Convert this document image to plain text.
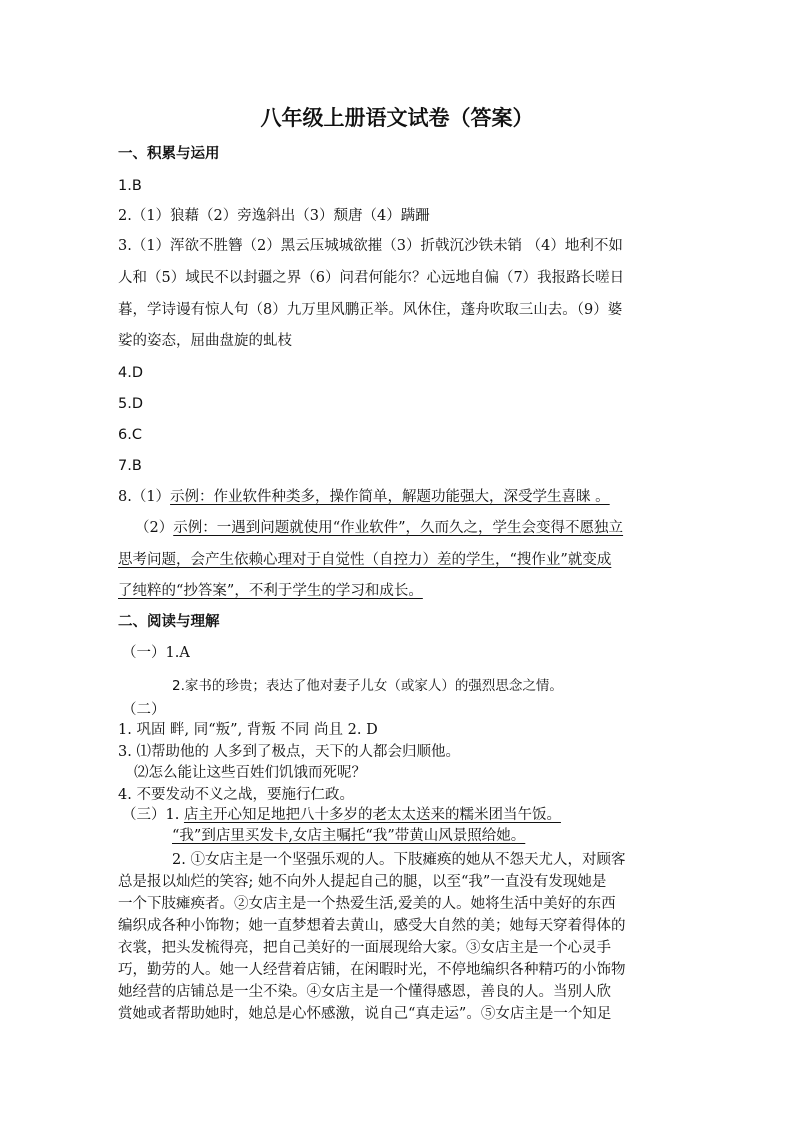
八年级上册语文试卷（答案）
一、积累与运用
1.B
2.（1）狼藉（2）旁逸斜出（3）颓唐（4）蹒跚
3.（1）浑欲不胜簪（2）黑云压城城欲摧（3）折戟沉沙铁未销 （4）地利不如
人和（5）域民不以封疆之界（6）问君何能尔？心远地自偏（7）我报路长嗟日
暮，学诗谩有惊人句（8）九万里风鹏正举。风休住，蓬舟吹取三山去。（9）婆
娑的姿态，屈曲盘旋的虬枝
4.D
5.D
6.C
7.B
8.（1）示例：作业软件种类多，操作简单，解题功能强大，深受学生喜睐 。
（2）示例：一遇到问题就使用“作业软件”，久而久之，学生会变得不愿独立
思考问题，会产生依赖心理对于自觉性（自控力）差的学生，“搜作业”就变成
了纯粹的“抄答案”，不利于学生的学习和成长。
二、阅读与理解
（一）1.A
2.家书的珍贵；表达了他对妻子儿女（或家人）的强烈思念之情。
（二）
1. 巩固 畔, 同“叛”, 背叛 不同 尚且 2. D
3. ⑴帮助他的 人多到了极点，天下的人都会归顺他。
⑵怎么能让这些百姓们饥饿而死呢？
4. 不要发动不义之战，要施行仁政。
（三）1. 店主开心知足地把八十多岁的老太太送来的糯米团当午饭。
“我”到店里买发卡,女店主嘱托“我”带黄山风景照给她。
2. ①女店主是一个坚强乐观的人。下肢瘫痪的她从不怨天尤人，对顾客
总是报以灿烂的笑容; 她不向外人提起自己的腿，以至“我”一直没有发现她是
一个下肢瘫痪者。②女店主是一个热爱生活,爱美的人。她将生活中美好的东西
编织成各种小饰物；她一直梦想着去黄山，感受大自然的美；她每天穿着得体的
衣裳，把头发梳得亮，把自己美好的一面展现给大家。③女店主是一个心灵手
巧，勤劳的人。她一人经营着店铺，在闲暇时光，不停地编织各种精巧的小饰物
她经营的店铺总是一尘不染。④女店主是一个懂得感恩，善良的人。当别人欣
赏她或者帮助她时，她总是心怀感激，说自己“真走运”。⑤女店主是一个知足
